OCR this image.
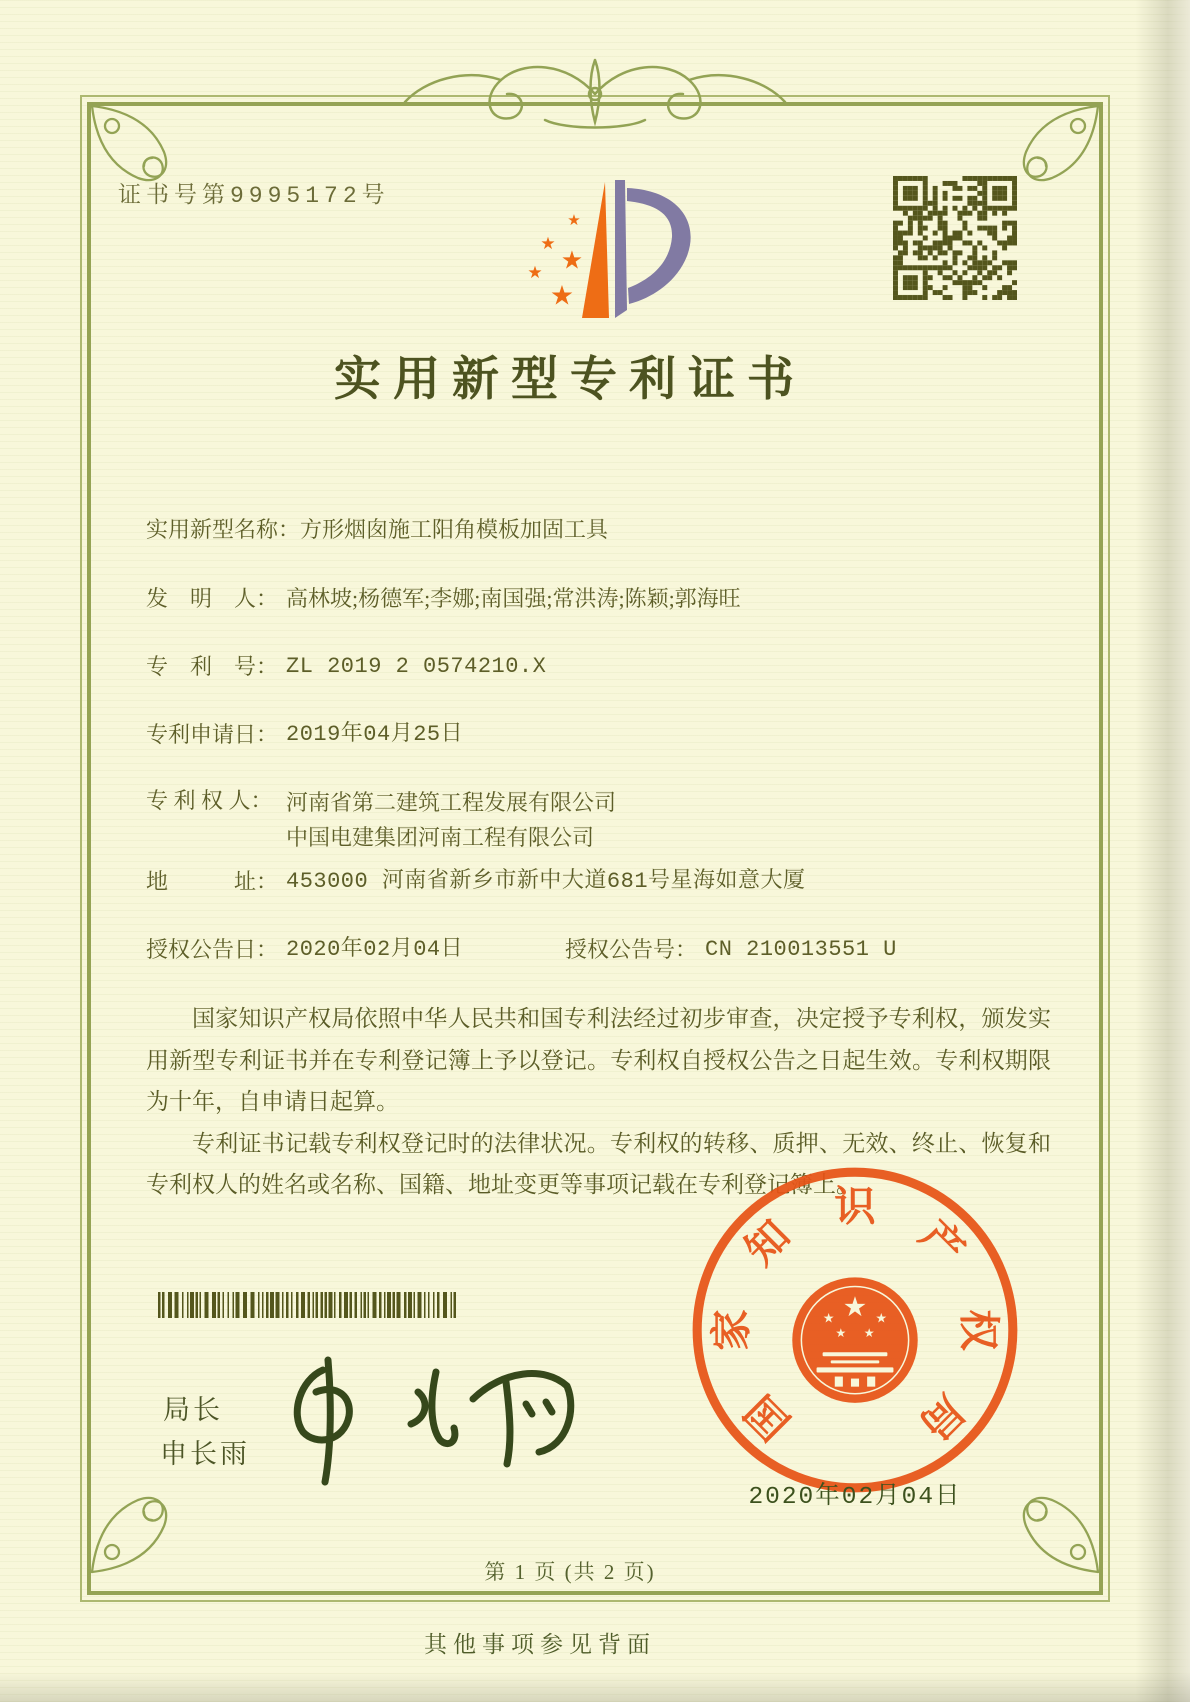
证书号第9995172号
★
★
★
★
★
实用新型专利证书
实用新型名称：方形烟囱施工阳角模板加固工具
发　明　人： 高林坡;杨德军;李娜;南国强;常洪涛;陈颖;郭海旺
专　利　号： ZL 2019 2 0574210.X
专利申请日： 2019年04月25日
专 利 权 人： 河南省第二建筑工程发展有限公司
中国电建集团河南工程有限公司
地　　　址： 453000 河南省新乡市新中大道681号星海如意大厦
授权公告日： 2020年02月04日	授权公告号： CN 210013551 U

国家知识产权局依照中华人民共和国专利法经过初步审查，决定授予专利权，颁发实用新型专利证书并在专利登记簿上予以登记。专利权自授权公告之日起生效。专利权期限为十年，自申请日起算。

专利证书记载专利权登记时的法律状况。专利权的转移、质押、无效、终止、恢复和专利权人的姓名或名称、国籍、地址变更等事项记载在专利登记簿上。

局长
申长雨
★
★	★
★ ★
国
家
知
识
产
权
局
2020年02月04日
第 1 页 (共 2 页)
其他事项参见背面
